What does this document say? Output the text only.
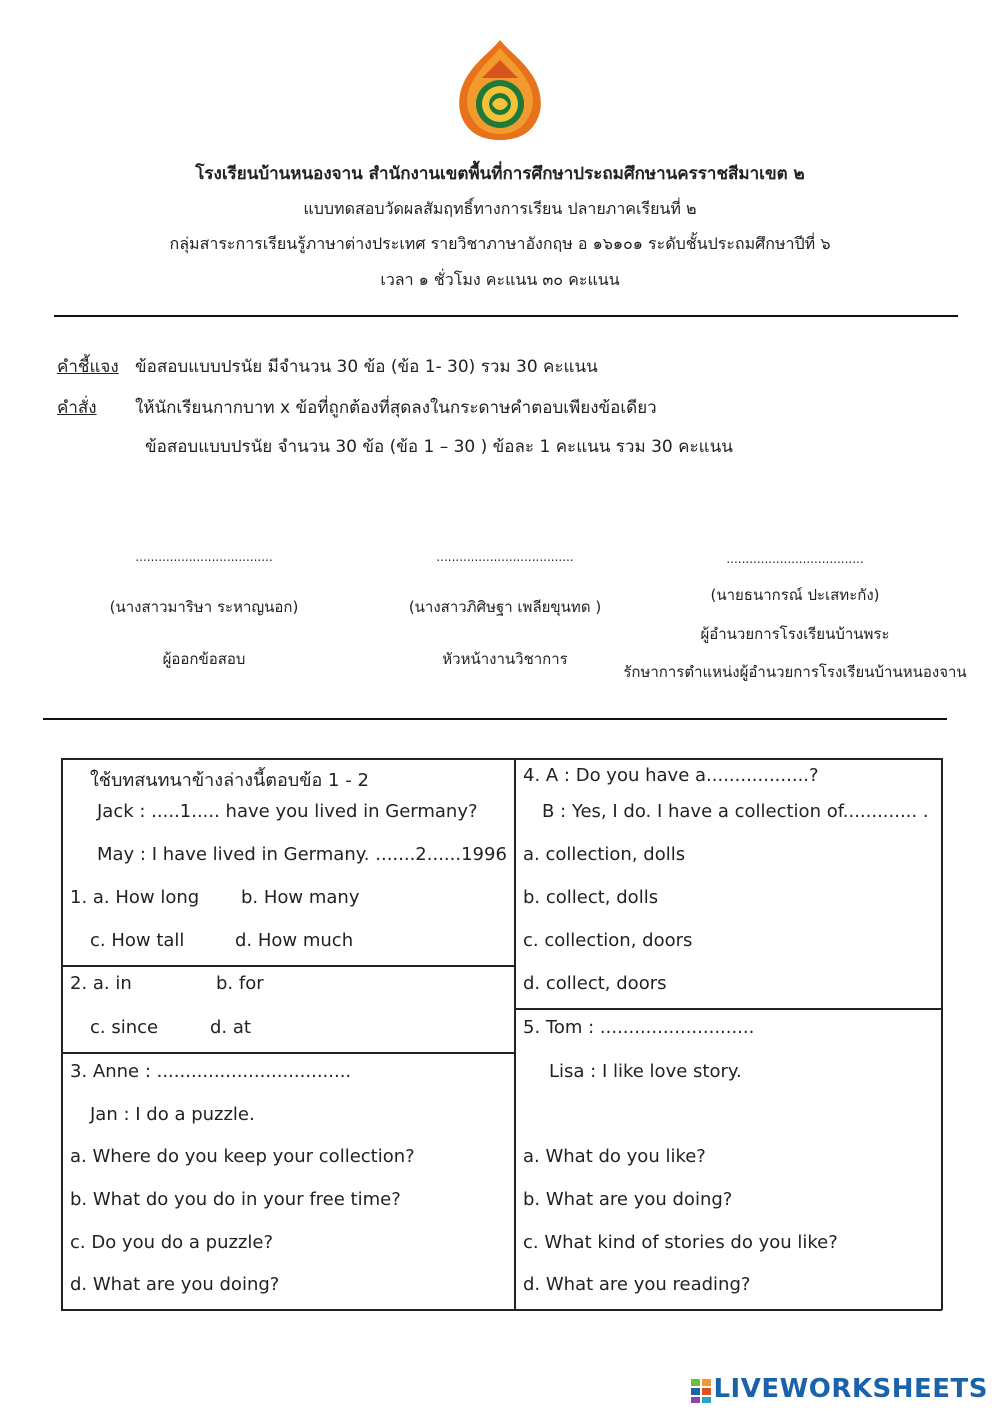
โรงเรียนบ้านหนองจาน สำนักงานเขตพื้นที่การศึกษาประถมศึกษานครราชสีมาเขต ๒
แบบทดสอบวัดผลสัมฤทธิ์ทางการเรียน ปลายภาคเรียนที่ ๒
กลุ่มสาระการเรียนรู้ภาษาต่างประเทศ รายวิชาภาษาอังกฤษ อ ๑๖๑๐๑ ระดับชั้นประถมศึกษาปีที่ ๖
เวลา ๑ ชั่วโมง คะแนน ๓๐ คะแนน
คำชี้แจง ข้อสอบแบบปรนัย มีจำนวน 30 ข้อ (ข้อ 1- 30) รวม 30 คะแนน
คำสั่ง ให้นักเรียนกากบาท x ข้อที่ถูกต้องที่สุดลงในกระดาษคำตอบเพียงข้อเดียว
ข้อสอบแบบปรนัย จำนวน 30 ข้อ (ข้อ 1 – 30 ) ข้อละ 1 คะแนน รวม 30 คะแนน
....................................	....................................	....................................
(นางสาวมาริษา ระหาญนอก)
ผู้ออกข้อสอบ
(นางสาวภิศิษฐา เพลียขุนทด )
หัวหน้างานวิชาการ
(นายธนากรณ์ ปะเสทะกัง)
ผู้อำนวยการโรงเรียนบ้านพระ
รักษาการตำแหน่งผู้อำนวยการโรงเรียนบ้านหนองจาน
ใช้บทสนทนาข้างล่างนี้ตอบข้อ 1 - 2
Jack : .....1..... have you lived in Germany?
May : I have lived in Germany. .......2......1996
1. a. How long b. How many
c. How tall	d. How much
2. a. in	b. for
c. since	d. at
3. Anne : ..................................
Jan : I do a puzzle.
a. Where do you keep your collection?
b. What do you do in your free time?
c. Do you do a puzzle?
d. What are you doing?
4. A : Do you have a..................?
B : Yes, I do. I have a collection of............. .
a. collection, dolls
b. collect, dolls
c. collection, doors
d. collect, doors
5. Tom : ...........................
Lisa : I like love story.
a. What do you like?
b. What are you doing?
c. What kind of stories do you like?
d. What are you reading?
LIVEWORKSHEETS
